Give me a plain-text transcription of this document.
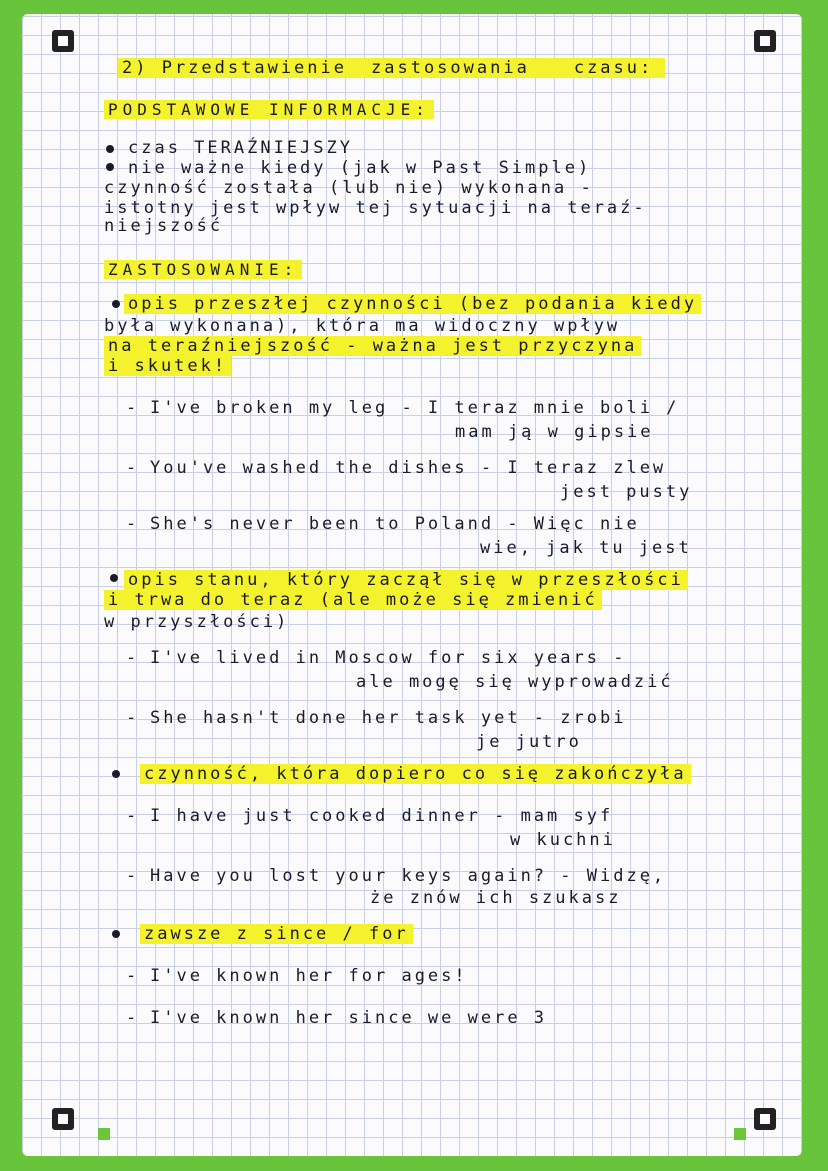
2) Przedstawienie zastosowania	czasu:
PODSTAWOWE INFORMACJE:
czas TERAŹNIEJSZY
nie ważne kiedy (jak w Past Simple)
czynność została (lub nie) wykonana -
istotny jest wpływ tej sytuacji na teraź-
niejszość
ZASTOSOWANIE:
opis przeszłej czynności (bez podania kiedy
była wykonana), która ma widoczny wpływ
na teraźniejszość - ważna jest przyczyna
i skutek!
- I've broken my leg - I teraz mnie boli /
mam ją w gipsie
- You've washed the dishes - I teraz zlew
jest pusty
- She's never been to Poland - Więc nie
wie, jak tu jest
opis stanu, który zaczął się w przeszłości
i trwa do teraz (ale może się zmienić
w przyszłości)
- I've lived in Moscow for six years -
ale mogę się wyprowadzić
- She hasn't done her task yet - zrobi
je jutro
czynność, która dopiero co się zakończyła
- I have just cooked dinner - mam syf
w kuchni
- Have you lost your keys again? - Widzę,
że znów ich szukasz
zawsze z since / for
- I've known her for ages!
- I've known her since we were 3
